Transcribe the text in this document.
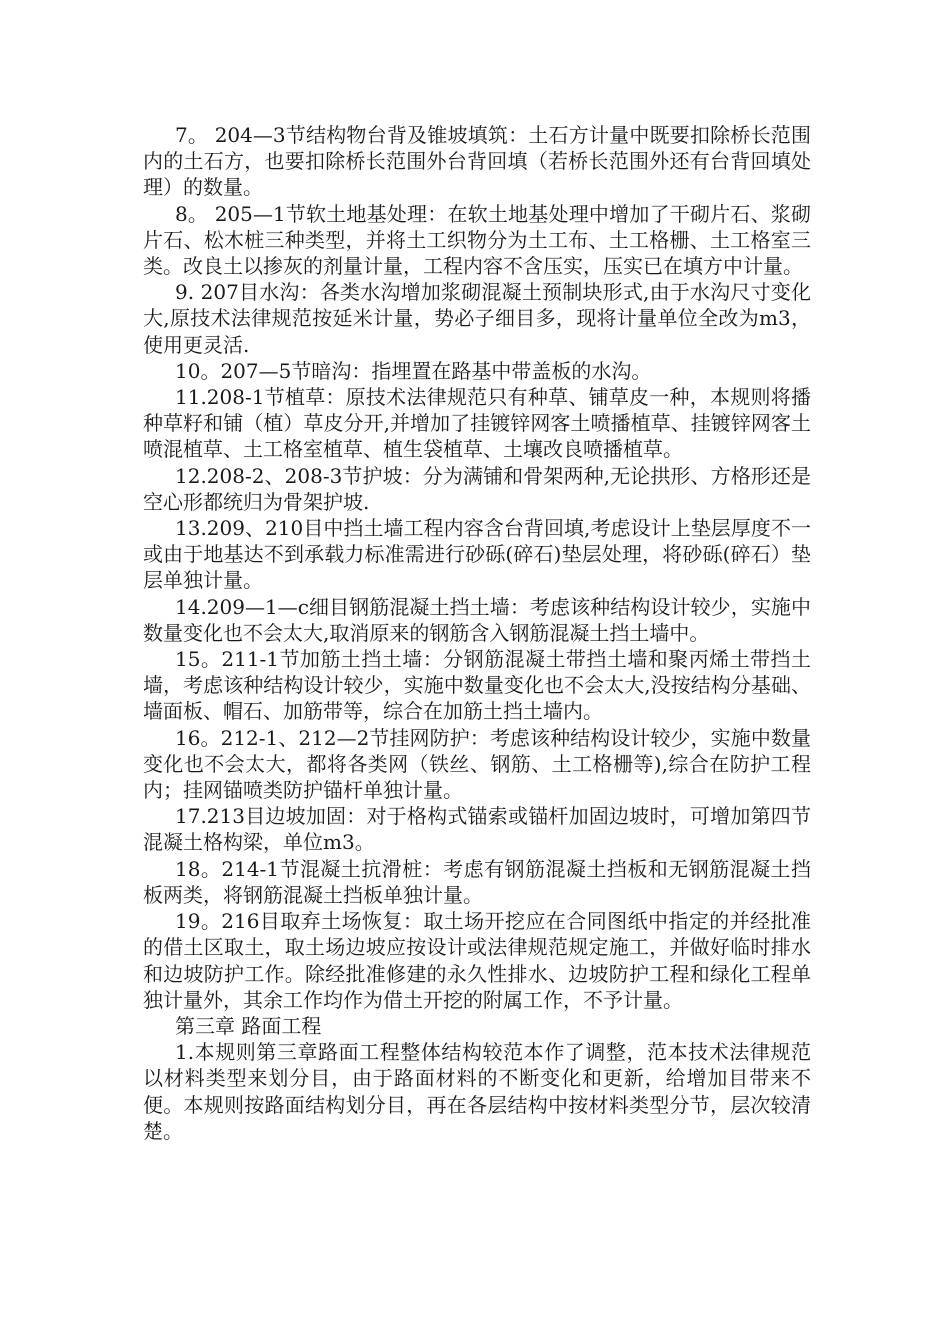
7。 204—3节结构物台背及锥坡填筑：土石方计量中既要扣除桥长范围内的土石方，也要扣除桥长范围外台背回填（若桥长范围外还有台背回填处理）的数量。

8。 205—1节软土地基处理：在软土地基处理中增加了干砌片石、浆砌片石、松木桩三种类型，并将土工织物分为土工布、土工格栅、土工格室三类。改良土以掺灰的剂量计量，工程内容不含压实，压实已在填方中计量。

9. 207目水沟：各类水沟增加浆砌混凝土预制块形式,由于水沟尺寸变化大,原技术法律规范按延米计量，势必子细目多，现将计量单位全改为m3，使用更灵活.

10。207—5节暗沟：指埋置在路基中带盖板的水沟。

11.208-1节植草：原技术法律规范只有种草、铺草皮一种，本规则将播种草籽和铺（植）草皮分开,并增加了挂镀锌网客土喷播植草、挂镀锌网客土喷混植草、土工格室植草、植生袋植草、土壤改良喷播植草。

12.208-2、208-3节护坡：分为满铺和骨架两种,无论拱形、方格形还是空心形都统归为骨架护坡.

13.209、210目中挡土墙工程内容含台背回填,考虑设计上垫层厚度不一或由于地基达不到承载力标准需进行砂砾(碎石)垫层处理，将砂砾(碎石）垫层单独计量。

14.209—1—c细目钢筋混凝土挡土墙：考虑该种结构设计较少，实施中数量变化也不会太大,取消原来的钢筋含入钢筋混凝土挡土墙中。

15。211-1节加筋土挡土墙：分钢筋混凝土带挡土墙和聚丙烯土带挡土墙，考虑该种结构设计较少，实施中数量变化也不会太大,没按结构分基础、墙面板、帽石、加筋带等，综合在加筋土挡土墙内。

16。212-1、212—2节挂网防护：考虑该种结构设计较少，实施中数量变化也不会太大，都将各类网（铁丝、钢筋、土工格栅等),综合在防护工程内；挂网锚喷类防护锚杆单独计量。

17.213目边坡加固：对于格构式锚索或锚杆加固边坡时，可增加第四节混凝土格构梁，单位m3。

18。214-1节混凝土抗滑桩：考虑有钢筋混凝土挡板和无钢筋混凝土挡板两类，将钢筋混凝土挡板单独计量。

19。216目取弃土场恢复：取土场开挖应在合同图纸中指定的并经批准的借土区取土，取土场边坡应按设计或法律规范规定施工，并做好临时排水和边坡防护工作。除经批准修建的永久性排水、边坡防护工程和绿化工程单独计量外，其余工作均作为借土开挖的附属工作，不予计量。

第三章 路面工程

1.本规则第三章路面工程整体结构较范本作了调整，范本技术法律规范以材料类型来划分目，由于路面材料的不断变化和更新，给增加目带来不便。本规则按路面结构划分目，再在各层结构中按材料类型分节，层次较清楚。
